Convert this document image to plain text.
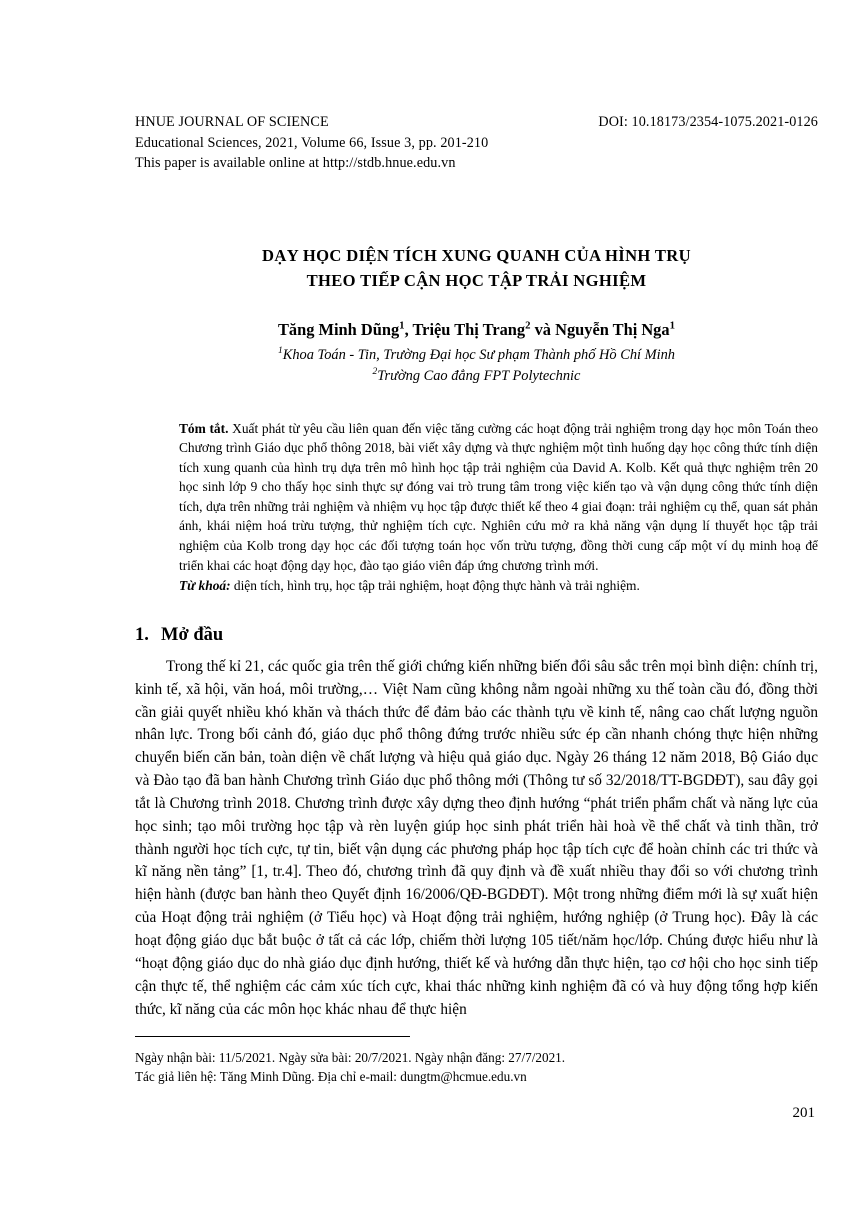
HNUE JOURNAL OF SCIENCE	DOI: 10.18173/2354-1075.2021-0126
Educational Sciences, 2021, Volume 66, Issue 3, pp. 201-210
This paper is available online at http://stdb.hnue.edu.vn
DẠY HỌC DIỆN TÍCH XUNG QUANH CỦA HÌNH TRỤ
THEO TIẾP CẬN HỌC TẬP TRẢI NGHIỆM
Tăng Minh Dũng$^1$, Triệu Thị Trang$^2$ và Nguyễn Thị Nga$^1$
$^1$Khoa Toán - Tin, Trường Đại học Sư phạm Thành phố Hồ Chí Minh
$^2$Trường Cao đẳng FPT Polytechnic
Tóm tắt. Xuất phát từ yêu cầu liên quan đến việc tăng cường các hoạt động trải nghiệm trong dạy học môn Toán theo Chương trình Giáo dục phổ thông 2018, bài viết xây dựng và thực nghiệm một tình huống dạy học công thức tính diện tích xung quanh của hình trụ dựa trên mô hình học tập trải nghiệm của David A. Kolb. Kết quả thực nghiệm trên 20 học sinh lớp 9 cho thấy học sinh thực sự đóng vai trò trung tâm trong việc kiến tạo và vận dụng công thức tính diện tích, dựa trên những trải nghiệm và nhiệm vụ học tập được thiết kế theo 4 giai đoạn: trải nghiệm cụ thể, quan sát phản ánh, khái niệm hoá trừu tượng, thử nghiệm tích cực. Nghiên cứu mở ra khả năng vận dụng lí thuyết học tập trải nghiệm của Kolb trong dạy học các đối tượng toán học vốn trừu tượng, đồng thời cung cấp một ví dụ minh hoạ để triển khai các hoạt động dạy học, đào tạo giáo viên đáp ứng chương trình mới.
Từ khoá: diện tích, hình trụ, học tập trải nghiệm, hoạt động thực hành và trải nghiệm.
1. Mở đầu

Trong thế kỉ 21, các quốc gia trên thế giới chứng kiến những biến đổi sâu sắc trên mọi bình diện: chính trị, kinh tế, xã hội, văn hoá, môi trường,… Việt Nam cũng không nằm ngoài những xu thế toàn cầu đó, đồng thời cần giải quyết nhiều khó khăn và thách thức để đảm bảo các thành tựu về kinh tế, nâng cao chất lượng nguồn nhân lực. Trong bối cảnh đó, giáo dục phổ thông đứng trước nhiều sức ép cần nhanh chóng thực hiện những chuyển biến căn bản, toàn diện về chất lượng và hiệu quả giáo dục. Ngày 26 tháng 12 năm 2018, Bộ Giáo dục và Đào tạo đã ban hành Chương trình Giáo dục phổ thông mới (Thông tư số 32/2018/TT-BGDĐT), sau đây gọi tắt là Chương trình 2018. Chương trình được xây dựng theo định hướng “phát triển phẩm chất và năng lực của học sinh; tạo môi trường học tập và rèn luyện giúp học sinh phát triển hài hoà về thể chất và tinh thần, trở thành người học tích cực, tự tin, biết vận dụng các phương pháp học tập tích cực để hoàn chỉnh các tri thức và kĩ năng nền tảng” [1, tr.4]. Theo đó, chương trình đã quy định và đề xuất nhiều thay đổi so với chương trình hiện hành (được ban hành theo Quyết định 16/2006/QĐ-BGDĐT). Một trong những điểm mới là sự xuất hiện của Hoạt động trải nghiệm (ở Tiểu học) và Hoạt động trải nghiệm, hướng nghiệp (ở Trung học). Đây là các hoạt động giáo dục bắt buộc ở tất cả các lớp, chiếm thời lượng 105 tiết/năm học/lớp. Chúng được hiểu như là “hoạt động giáo dục do nhà giáo dục định hướng, thiết kế và hướng dẫn thực hiện, tạo cơ hội cho học sinh tiếp cận thực tế, thể nghiệm các cảm xúc tích cực, khai thác những kinh nghiệm đã có và huy động tổng hợp kiến thức, kĩ năng của các môn học khác nhau để thực hiện

Ngày nhận bài: 11/5/2021. Ngày sửa bài: 20/7/2021. Ngày nhận đăng: 27/7/2021.
Tác giả liên hệ: Tăng Minh Dũng. Địa chỉ e-mail: dungtm@hcmue.edu.vn
201
